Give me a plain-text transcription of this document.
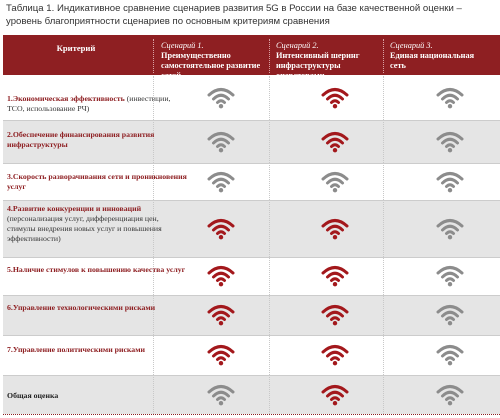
Таблица 1. Индикативное сравнение сценариев развития 5G в России на базе качественной оценки – уровень благоприятности сценариев по основным критериям сравнения
Критерий	Сценарий 1.
Преимущественно самостоятельное развитие сетей
Сценарий 2.
Интенсивный шеринг инфраструктуры операторами
Сценарий 3.
Единая национальная сеть
1.Экономическая эффективность (инвестиции, TCO, использование РЧ)
2.Обеспечение финансирования развития инфраструктуры
3.Скорость разворачивания сети и проникновения услуг
4.Развитие конкуренции и инноваций (персонализация услуг, дифференциация цен, стимулы внедрения новых услуг и повышения эффективности)
5.Наличие стимулов к повышению качества услуг
6.Управление технологическими рисками
7.Управление политическими рисками
Общая оценка
